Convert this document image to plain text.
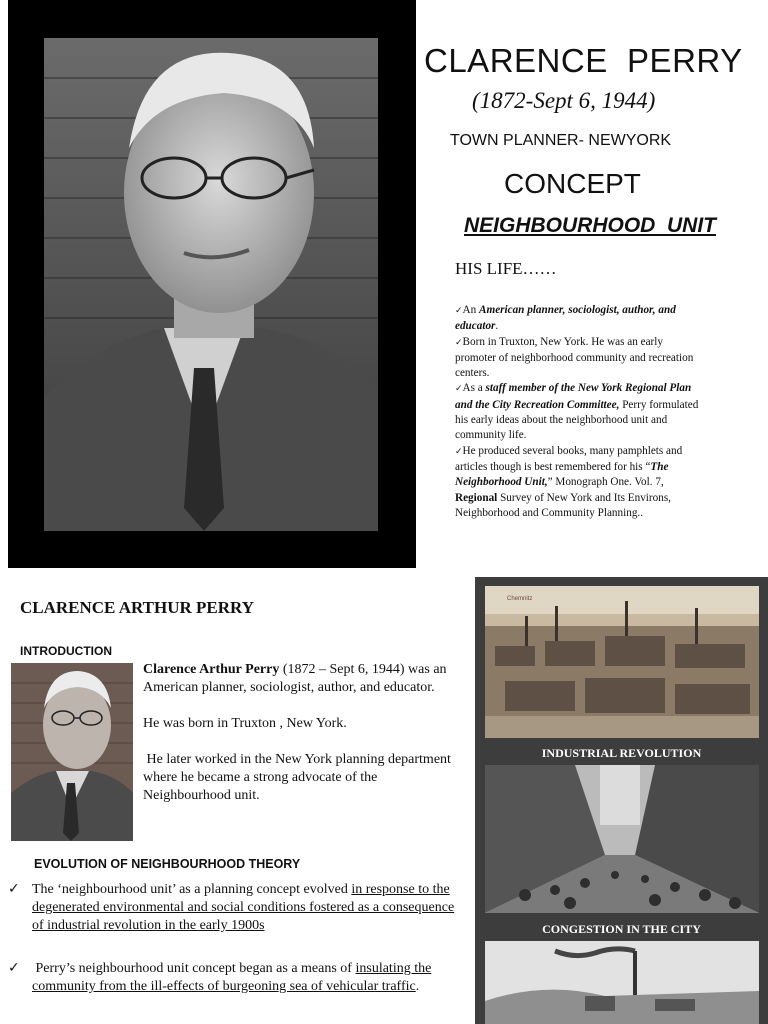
CLARENCE  PERRY
(1872-Sept 6, 1944)
TOWN PLANNER- NEWYORK
CONCEPT
NEIGHBOURHOOD  UNIT
HIS LIFE……

✓An American planner, sociologist, author, and educator.

✓Born in Truxton, New York. He was an early promoter of neighborhood community and recreation centers.

✓As a staff member of the New York Regional Plan and the City Recreation Committee, Perry formulated his early ideas about the neighborhood unit and community life.

✓He produced several books, many pamphlets and articles though is best remembered for his “The Neighborhood Unit,” Monograph One. Vol. 7, Regional Survey of New York and Its Environs, Neighborhood and Community Planning..

CLARENCE ARTHUR PERRY
INTRODUCTION

Clarence Arthur Perry (1872 – Sept 6, 1944) was an American planner, sociologist, author, and educator.

He was born in Truxton , New York.

He later worked in the New York planning department where he became a strong advocate of the Neighbourhood unit.

EVOLUTION OF NEIGHBOURHOOD THEORY
✓ The ‘neighbourhood unit’ as a planning concept evolved in response to the degenerated environmental and social conditions fostered as a consequence of industrial revolution in the early 1900s
✓ Perry’s neighbourhood unit concept began as a means of insulating the community from the ill-effects of burgeoning sea of vehicular traffic.
Chemnitz
INDUSTRIAL REVOLUTION
CONGESTION IN THE CITY
